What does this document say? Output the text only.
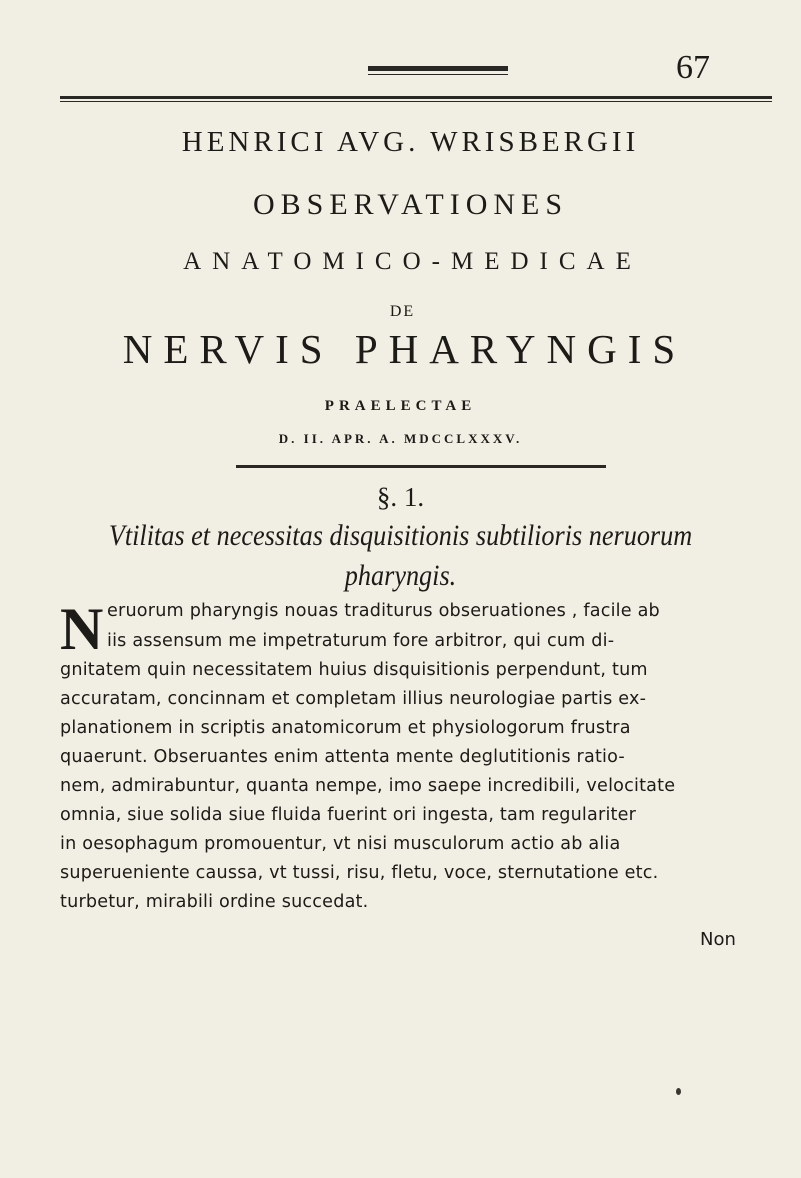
67
HENRICI AVG. WRISBERGII
OBSERVATIONES
ANATOMICO-MEDICAE
DE
NERVIS PHARYNGIS
PRAELECTAE
D. II. APR. A. MDCCLXXXV.
§. 1.
Vtilitas et necessitas disquisitionis subtilioris neruorum
pharyngis.
N eruorum pharyngis nouas traditurus obseruationes , facile ab
iis assensum me impetraturum fore arbitror, qui cum di-
gnitatem quin necessitatem huius disquisitionis perpendunt, tum
accuratam, concinnam et completam illius neurologiae partis ex-
planationem in scriptis anatomicorum et physiologorum frustra
quaerunt. Obseruantes enim attenta mente deglutitionis ratio-
nem, admirabuntur, quanta nempe, imo saepe incredibili, velocitate
omnia, siue solida siue fluida fuerint ori ingesta, tam regulariter
in oesophagum promouentur, vt nisi musculorum actio ab alia
superueniente caussa, vt tussi, risu, fletu, voce, sternutatione etc.
turbetur, mirabili ordine succedat.
Non
